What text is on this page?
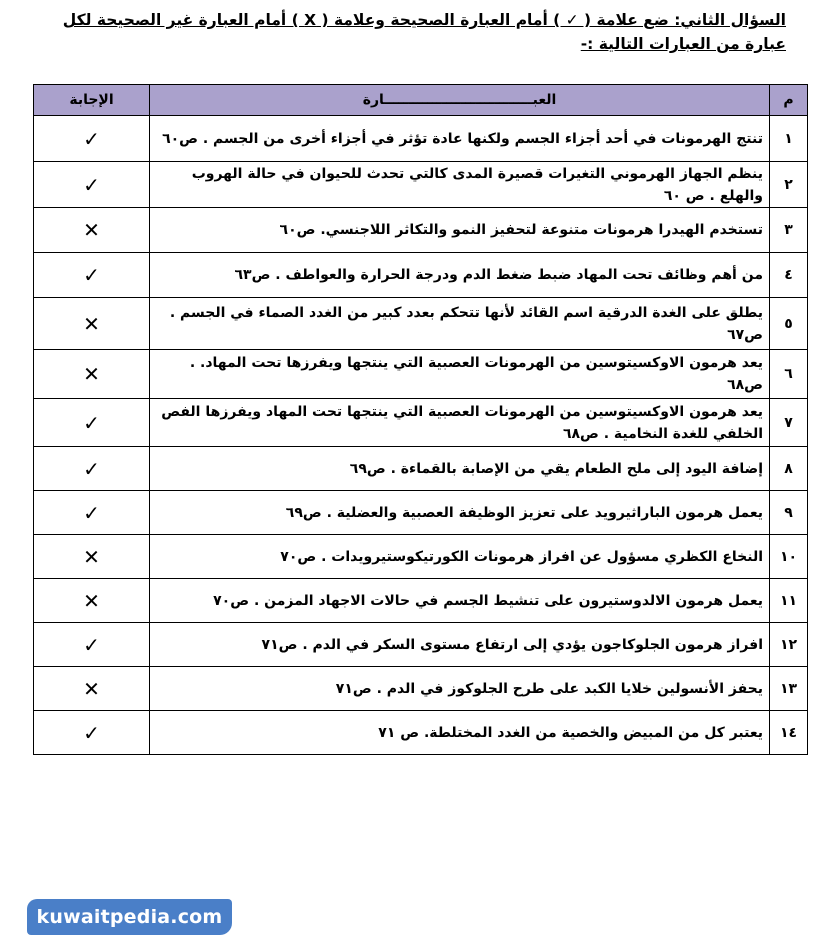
السؤال الثاني: ضع علامة ( ✓ ) أمام العبارة الصحيحة وعلامة ( X ) أمام العبارة غير الصحيحة لكل عبارة من العبارات التالية :-
م	العبـــــــــــــــــــــــــــــــارة	الإجابة
١	تنتج الهرمونات في أحد أجزاء الجسم ولكنها عادة تؤثر في أجزاء أخرى من الجسم . ص٦٠	✓
٢	ينظم الجهاز الهرموني التغيرات قصيرة المدى كالتي تحدث للحيوان في حالة الهروب والهلع . ص ٦٠	✓
٣	تستخدم الهيدرا هرمونات متنوعة لتحفيز النمو والتكاثر اللاجنسي. ص٦٠	✕
٤	من أهم وظائف تحت المهاد ضبط ضغط الدم ودرجة الحرارة والعواطف . ص٦٣	✓
٥	يطلق على الغدة الدرقية اسم القائد لأنها تتحكم بعدد كبير من الغدد الصماء في الجسم . ص٦٧	✕
٦	يعد هرمون الاوكسيتوسين من الهرمونات العصبية التي ينتجها ويفرزها تحت المهاد. . ص٦٨	✕
٧	يعد هرمون الاوكسيتوسين من الهرمونات العصبية التي ينتجها تحت المهاد ويفرزها الفص الخلفي للغدة النخامية . ص٦٨	✓
٨	إضافة اليود إلى ملح الطعام يقي من الإصابة بالقماءة . ص٦٩	✓
٩	يعمل هرمون الباراثيرويد على تعزيز الوظيفة العصبية والعضلية . ص٦٩	✓
١٠	النخاع الكظري مسؤول عن افراز هرمونات الكورتيكوستيرويدات . ص٧٠	✕
١١	يعمل هرمون الالدوستيرون على تنشيط الجسم في حالات الاجهاد المزمن . ص٧٠	✕
١٢	افراز هرمون الجلوكاجون يؤدي إلى ارتفاع مستوى السكر في الدم . ص٧١	✓
١٣	يحفز الأنسولين خلايا الكبد على طرح الجلوكوز في الدم . ص٧١	✕
١٤	يعتبر كل من المبيض والخصية من الغدد المختلطة. ص ٧١	✓
kuwaitpedia.com
